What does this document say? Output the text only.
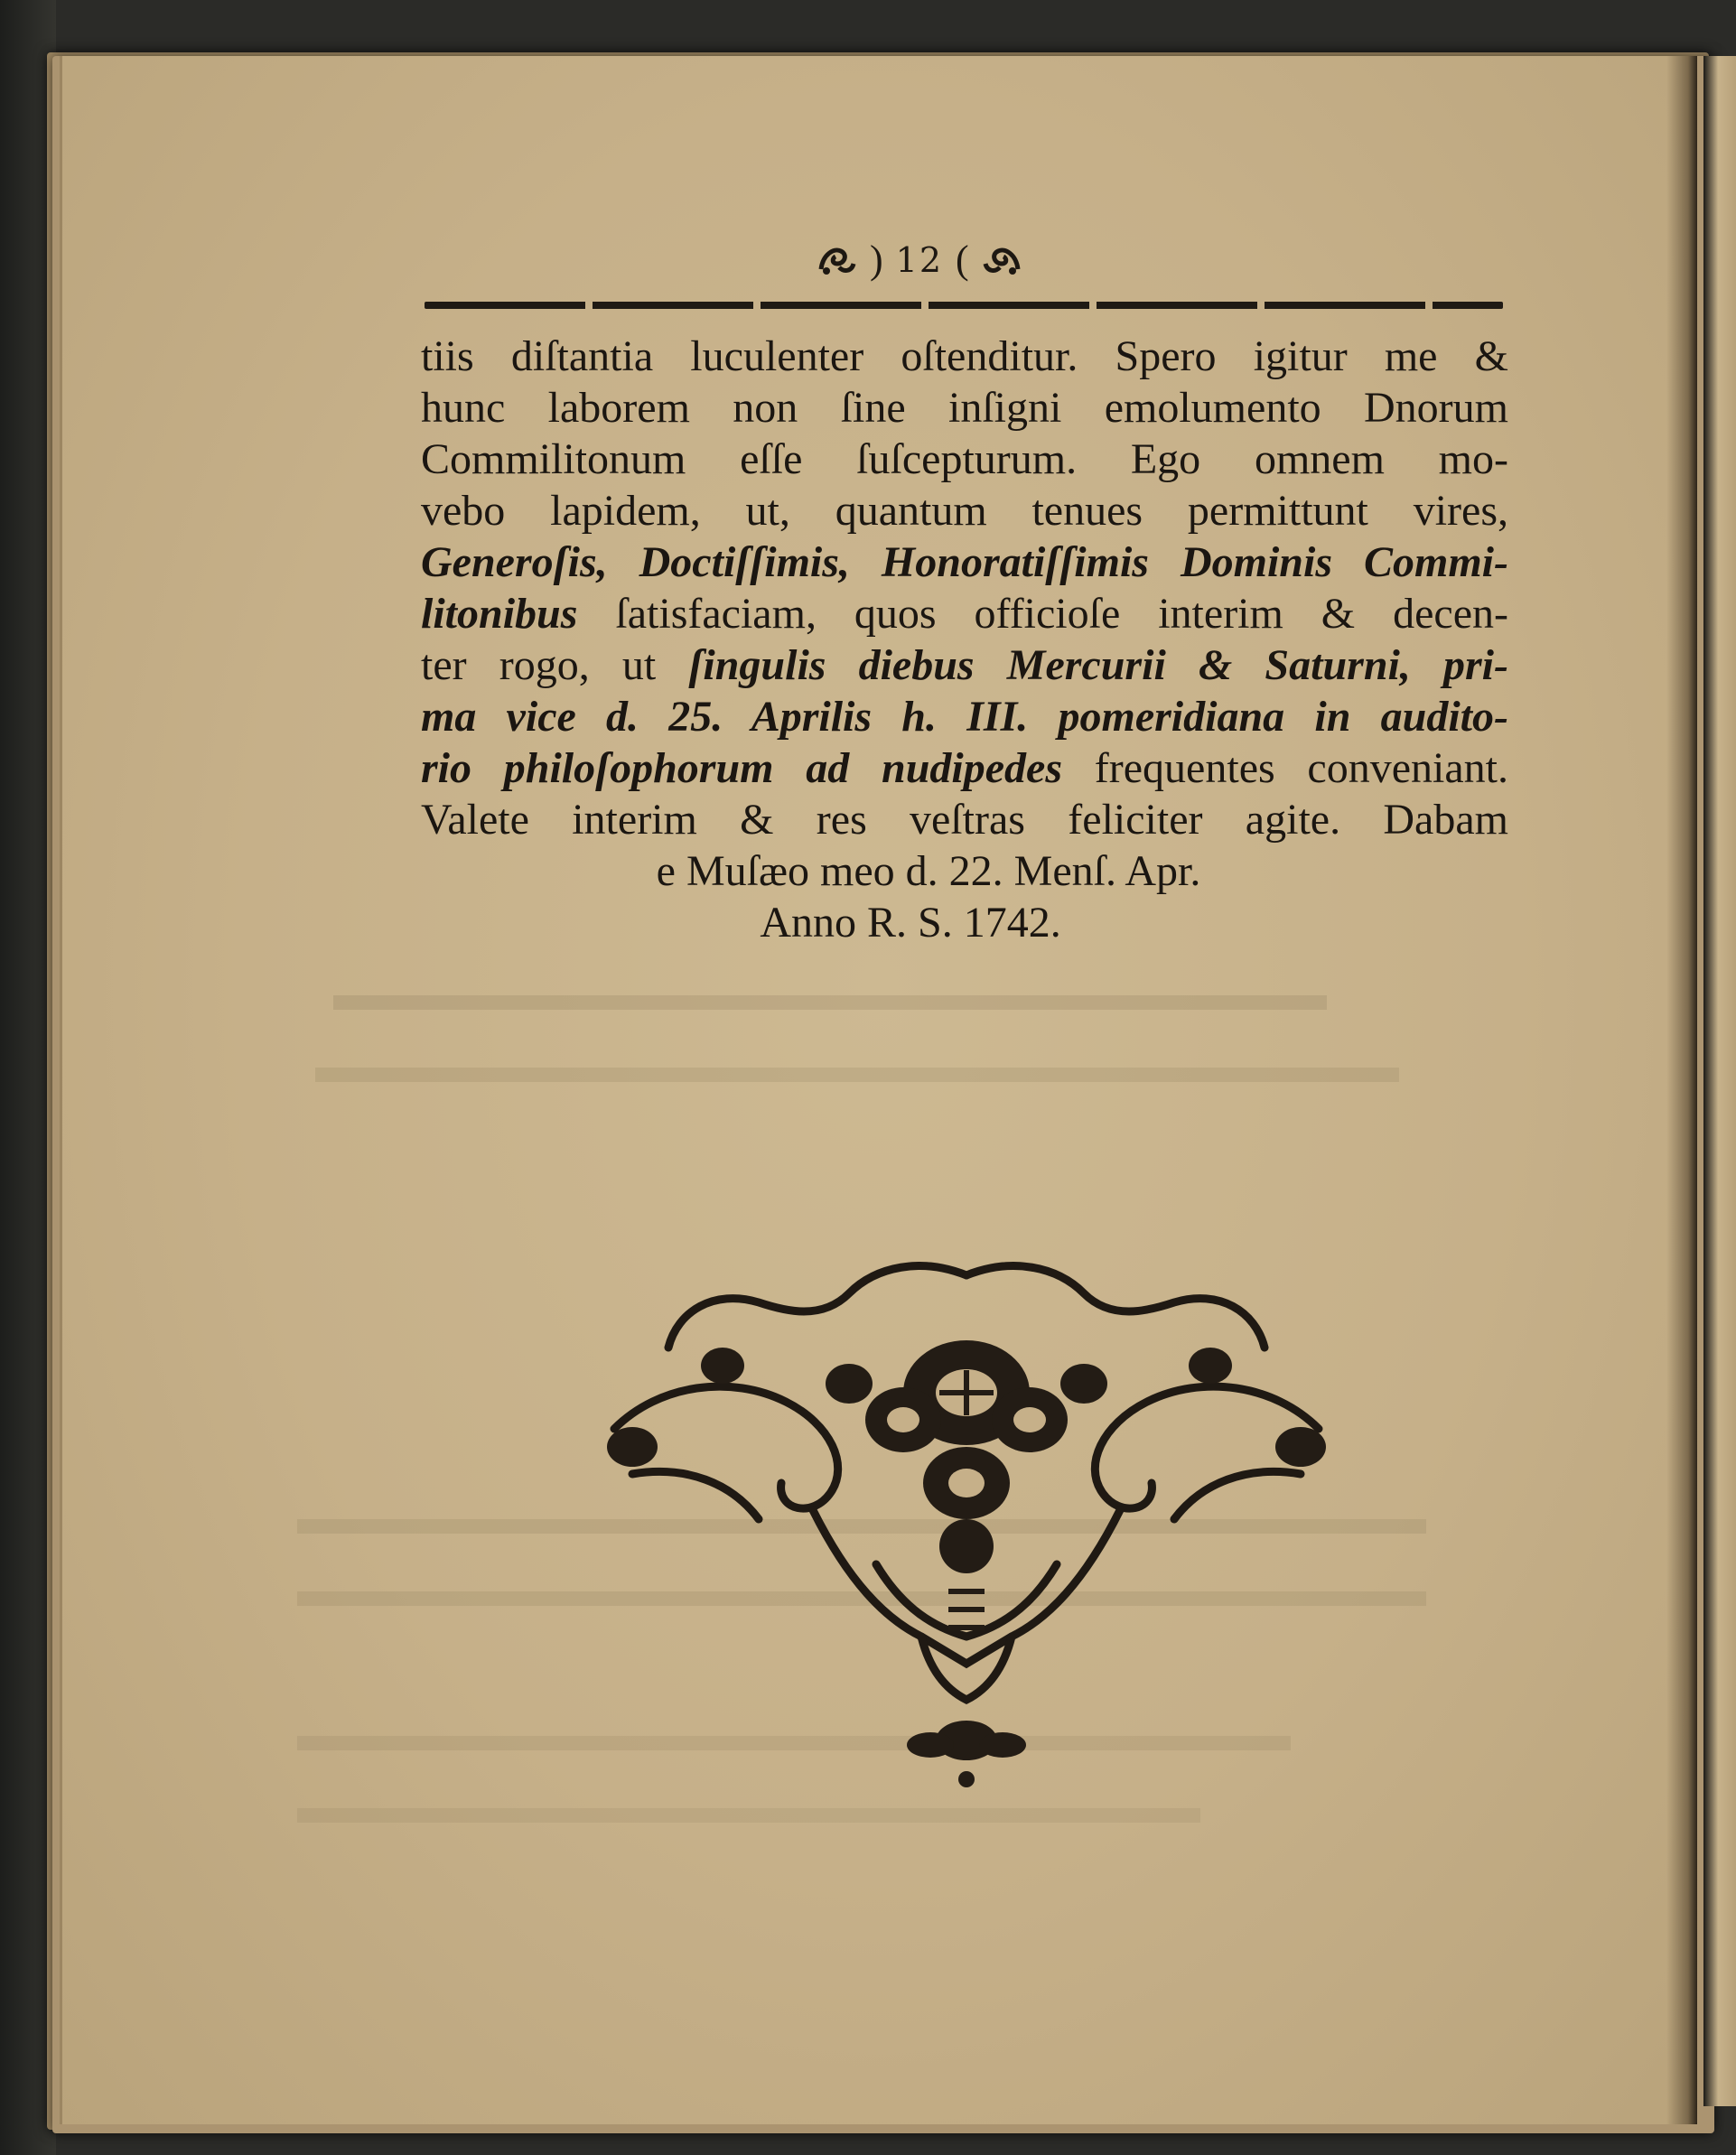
) 12 (
tiis diſtantia luculenter oſtenditur. Spero igitur me &
hunc laborem non ſine inſigni emolumento Dnorum
Commilitonum eſſe ſuſcepturum. Ego omnem mo-
vebo lapidem, ut, quantum tenues permittunt vires,
Generoſis, Doctiſſimis, Honoratiſſimis Dominis Commi-
litonibus ſatisfaciam, quos officioſe interim & decen-
ter rogo, ut ſingulis diebus Mercurii & Saturni, pri-
ma vice d. 25. Aprilis h. III. pomeridiana in audito-
rio philoſophorum ad nudipedes frequentes conveniant.
Valete interim & res veſtras feliciter agite. Dabam
e Muſæo meo d. 22. Menſ. Apr.
Anno R. S. 1742.
